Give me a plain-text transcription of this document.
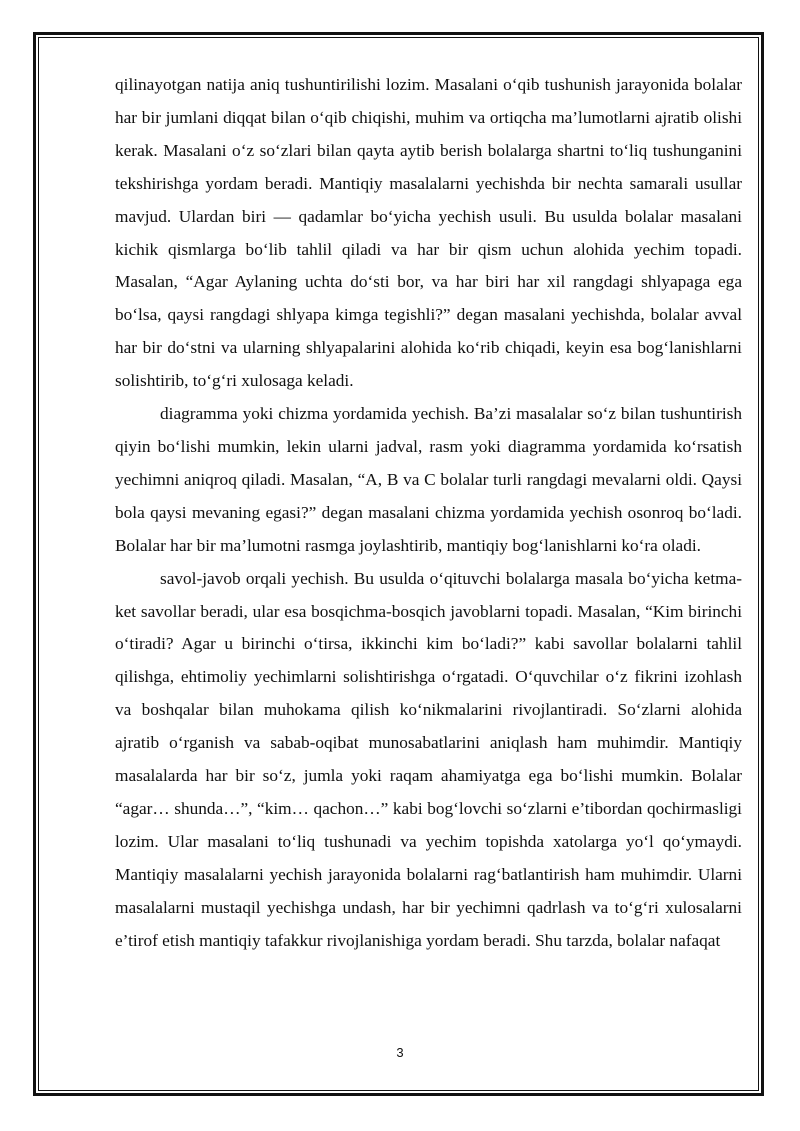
qilinayotgan natija aniq tushuntirilishi lozim. Masalani o‘qib tushunish jarayonida bolalar har bir jumlani diqqat bilan o‘qib chiqishi, muhim va ortiqcha ma’lumotlarni ajratib olishi kerak. Masalani o‘z so‘zlari bilan qayta aytib berish bolalarga shartni to‘liq tushunganini tekshirishga yordam beradi. Mantiqiy masalalarni yechishda bir nechta samarali usullar mavjud. Ulardan biri — qadamlar bo‘yicha yechish usuli. Bu usulda bolalar masalani kichik qismlarga bo‘lib tahlil qiladi va har bir qism uchun alohida yechim topadi. Masalan, “Agar Aylaning uchta do‘sti bor, va har biri har xil rangdagi shlyapaga ega bo‘lsa, qaysi rangdagi shlyapa kimga tegishli?” degan masalani yechishda, bolalar avval har bir do‘stni va ularning shlyapalarini alohida ko‘rib chiqadi, keyin esa bog‘lanishlarni solishtirib, to‘g‘ri xulosaga keladi.

diagramma yoki chizma yordamida yechish. Ba’zi masalalar so‘z bilan tushuntirish qiyin bo‘lishi mumkin, lekin ularni jadval, rasm yoki diagramma yordamida ko‘rsatish yechimni aniqroq qiladi. Masalan, “A, B va C bolalar turli rangdagi mevalarni oldi. Qaysi bola qaysi mevaning egasi?” degan masalani chizma yordamida yechish osonroq bo‘ladi. Bolalar har bir ma’lumotni rasmga joylashtirib, mantiqiy bog‘lanishlarni ko‘ra oladi.

savol-javob orqali yechish. Bu usulda o‘qituvchi bolalarga masala bo‘yicha ketma-ket savollar beradi, ular esa bosqichma-bosqich javoblarni topadi. Masalan, “Kim birinchi o‘tiradi? Agar u birinchi o‘tirsa, ikkinchi kim bo‘ladi?” kabi savollar bolalarni tahlil qilishga, ehtimoliy yechimlarni solishtirishga o‘rgatadi. O‘quvchilar o‘z fikrini izohlash va boshqalar bilan muhokama qilish ko‘nikmalarini rivojlantiradi. So‘zlarni alohida ajratib o‘rganish va sabab-oqibat munosabatlarini aniqlash ham muhimdir. Mantiqiy masalalarda har bir so‘z, jumla yoki raqam ahamiyatga ega bo‘lishi mumkin. Bolalar “agar… shunda…”, “kim… qachon…” kabi bog‘lovchi so‘zlarni e’tibordan qochirmasligi lozim. Ular masalani to‘liq tushunadi va yechim topishda xatolarga yo‘l qo‘ymaydi. Mantiqiy masalalarni yechish jarayonida bolalarni rag‘batlantirish ham muhimdir. Ularni masalalarni mustaqil yechishga undash, har bir yechimni qadrlash va to‘g‘ri xulosalarni e’tirof etish mantiqiy tafakkur rivojlanishiga yordam beradi. Shu tarzda, bolalar nafaqat

3
